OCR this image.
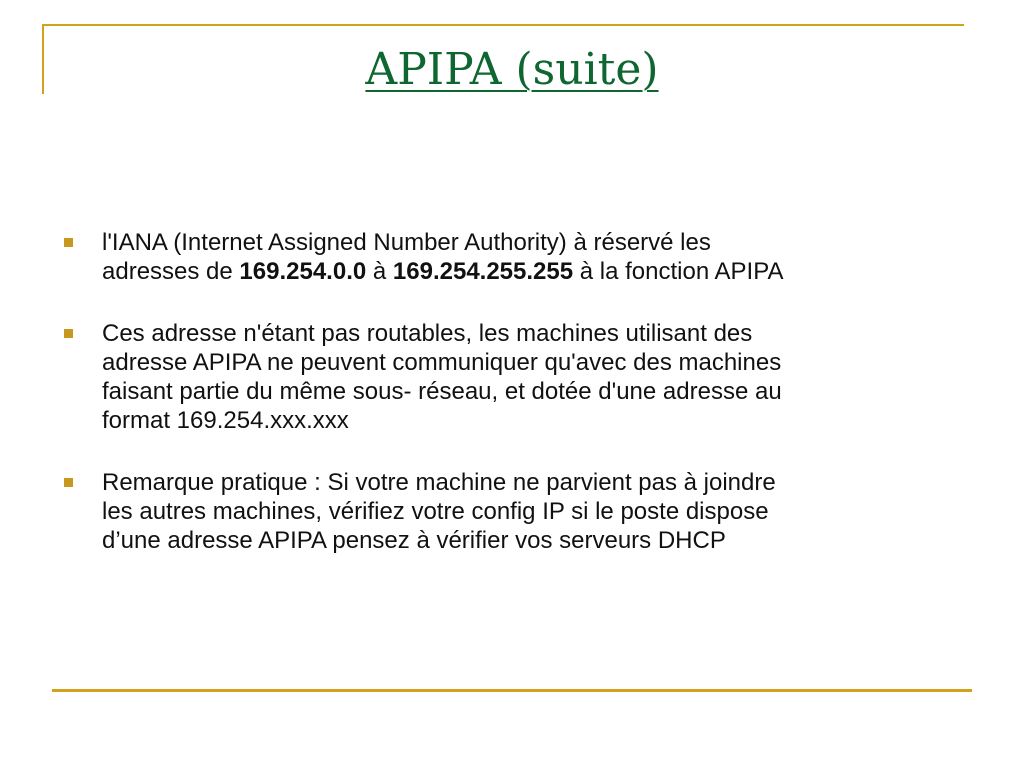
APIPA (suite)
l'IANA (Internet Assigned Number Authority) à réservé les
adresses de 169.254.0.0 à 169.254.255.255 à la fonction APIPA
Ces adresse n'étant pas routables, les machines utilisant des
adresse APIPA ne peuvent communiquer qu'avec des machines
faisant partie du même sous- réseau, et dotée d'une adresse au
format 169.254.xxx.xxx
Remarque pratique : Si votre machine ne parvient pas à joindre
les autres machines, vérifiez votre config IP si le poste dispose
d’une adresse APIPA pensez à vérifier vos serveurs DHCP
